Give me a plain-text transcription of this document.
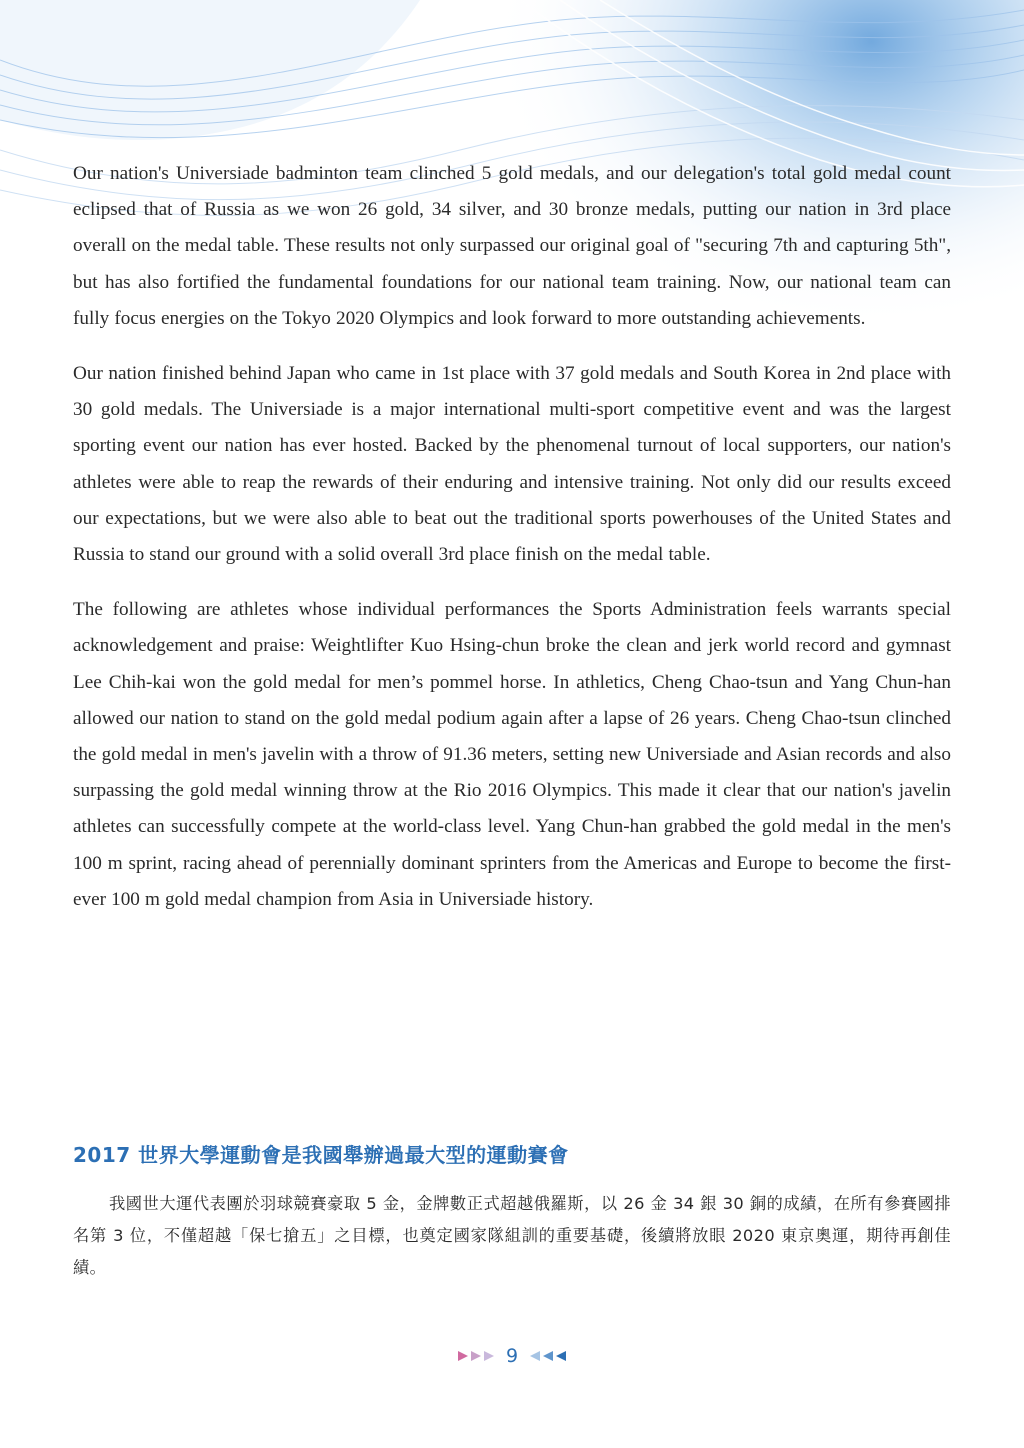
Our nation's Universiade badminton team clinched 5 gold medals, and our delegation's total gold medal count eclipsed that of Russia as we won 26 gold, 34 silver, and 30 bronze medals, putting our nation in 3rd place overall on the medal table. These results not only surpassed our original goal of "securing 7th and capturing 5th", but has also fortified the fundamental foundations for our national team training. Now, our national team can fully focus energies on the Tokyo 2020 Olympics and look forward to more outstanding achievements.

Our nation finished behind Japan who came in 1st place with 37 gold medals and South Korea in 2nd place with 30 gold medals. The Universiade is a major international multi-sport competitive event and was the largest sporting event our nation has ever hosted. Backed by the phenomenal turnout of local supporters, our nation's athletes were able to reap the rewards of their enduring and intensive training. Not only did our results exceed our expectations, but we were also able to beat out the traditional sports powerhouses of the United States and Russia to stand our ground with a solid overall 3rd place finish on the medal table.

The following are athletes whose individual performances the Sports Administration feels warrants special acknowledgement and praise: Weightlifter Kuo Hsing-chun broke the clean and jerk world record and gymnast Lee Chih-kai won the gold medal for men’s pommel horse. In athletics, Cheng Chao-tsun and Yang Chun-han allowed our nation to stand on the gold medal podium again after a lapse of 26 years. Cheng Chao-tsun clinched the gold medal in men's javelin with a throw of 91.36 meters, setting new Universiade and Asian records and also surpassing the gold medal winning throw at the Rio 2016 Olympics. This made it clear that our nation's javelin athletes can successfully compete at the world-class level. Yang Chun-han grabbed the gold medal in the men's 100 m sprint, racing ahead of perennially dominant sprinters from the Americas and Europe to become the first-ever 100 m gold medal champion from Asia in Universiade history.

2017 世界大學運動會是我國舉辦過最大型的運動賽會

我國世大運代表團於羽球競賽豪取 5 金，金牌數正式超越俄羅斯，以 26 金 34 銀 30 銅的成績，在所有參賽國排名第 3 位，不僅超越「保七搶五」之目標，也奠定國家隊組訓的重要基礎，後續將放眼 2020 東京奧運，期待再創佳績。

9
